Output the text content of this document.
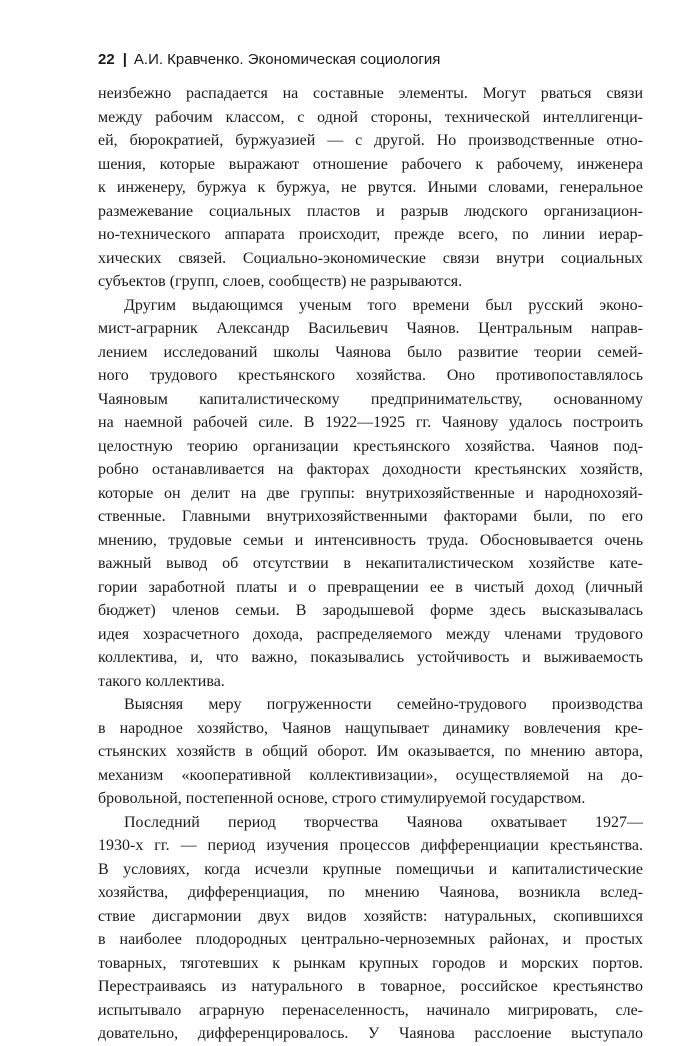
22 | А.И. Кравченко. Экономическая социология
неизбежно распадается на составные элементы. Могут рваться связи
между рабочим классом, с одной стороны, технической интеллигенци-
ей, бюрократией, буржуазией — с другой. Но производственные отно-
шения, которые выражают отношение рабочего к рабочему, инженера
к инженеру, буржуа к буржуа, не рвутся. Иными словами, генеральное
размежевание социальных пластов и разрыв людского организацион-
но-технического аппарата происходит, прежде всего, по линии иерар-
хических связей. Социально-экономические связи внутри социальных
субъектов (групп, слоев, сообществ) не разрываются.
Другим выдающимся ученым того времени был русский эконо-
мист-аграрник Александр Васильевич Чаянов. Центральным направ-
лением исследований школы Чаянова было развитие теории семей-
ного трудового крестьянского хозяйства. Оно противопоставлялось
Чаяновым капиталистическому предпринимательству, основанному
на наемной рабочей силе. В 1922—1925 гг. Чаянову удалось построить
целостную теорию организации крестьянского хозяйства. Чаянов под-
робно останавливается на факторах доходности крестьянских хозяйств,
которые он делит на две группы: внутрихозяйственные и народнохозяй-
ственные. Главными внутрихозяйственными факторами были, по его
мнению, трудовые семьи и интенсивность труда. Обосновывается очень
важный вывод об отсутствии в некапиталистическом хозяйстве кате-
гории заработной платы и о превращении ее в чистый доход (личный
бюджет) членов семьи. В зародышевой форме здесь высказывалась
идея хозрасчетного дохода, распределяемого между членами трудового
коллектива, и, что важно, показывались устойчивость и выживаемость
такого коллектива.
Выясняя меру погруженности семейно-трудового производства
в народное хозяйство, Чаянов нащупывает динамику вовлечения кре-
стьянских хозяйств в общий оборот. Им оказывается, по мнению автора,
механизм «кооперативной коллективизации», осуществляемой на до-
бровольной, постепенной основе, строго стимулируемой государством.
Последний период творчества Чаянова охватывает 1927—
1930-х гг. — период изучения процессов дифференциации крестьянства.
В условиях, когда исчезли крупные помещичьи и капиталистические
хозяйства, дифференциация, по мнению Чаянова, возникла вслед-
ствие дисгармонии двух видов хозяйств: натуральных, скопившихся
в наиболее плодородных центрально-черноземных районах, и простых
товарных, тяготевших к рынкам крупных городов и морских портов.
Перестраиваясь из натурального в товарное, российское крестьянство
испытывало аграрную перенаселенность, начинало мигрировать, сле-
довательно, дифференцировалось. У Чаянова расслоение выступало
